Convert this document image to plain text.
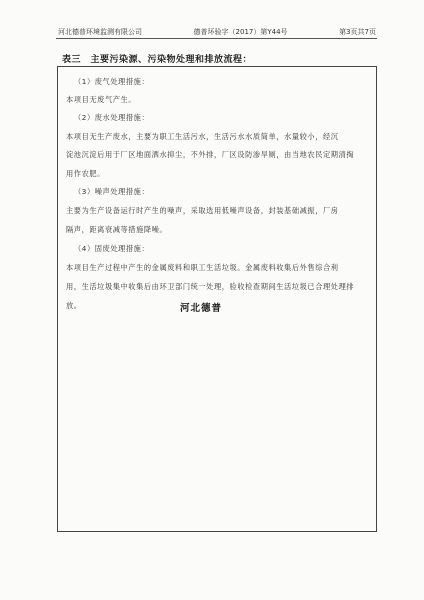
河北德普环境监测有限公司	德普环验字（2017）第Y44号	第3页共7页
表三　主要污染源、污染物处理和排放流程：
（1）废气处理措施：
本项目无废气产生。
（2）废水处理措施：
本项目无生产废水，主要为职工生活污水，生活污水水质简单，水量较小，经沉
淀池沉淀后用于厂区地面洒水抑尘，不外排，厂区设防渗旱厕，由当地农民定期清掏
用作农肥。
（3）噪声处理措施：
主要为生产设备运行时产生的噪声，采取选用低噪声设备，封装基础减振，厂房
隔声，距离衰减等措施降噪。
（4）固废处理措施：
本项目生产过程中产生的金属废料和职工生活垃圾。金属废料收集后外售综合利
用，生活垃圾集中收集后由环卫部门统一处理，验收检查期间生活垃圾已合理处理排
放。	河北德普
